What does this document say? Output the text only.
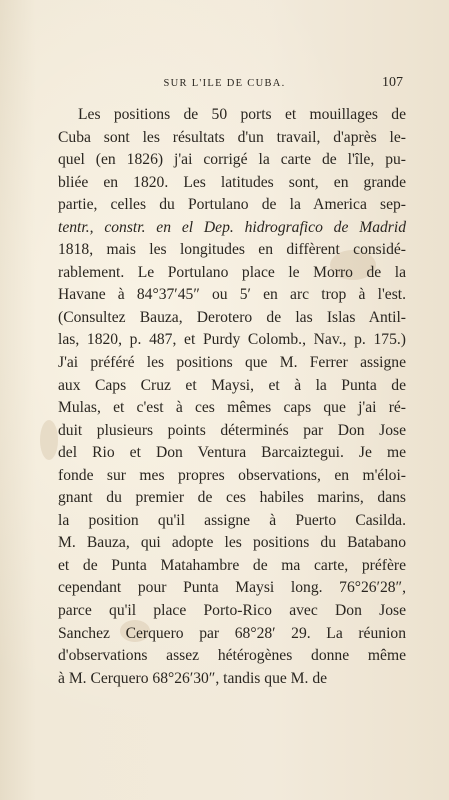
SUR L'ILE DE CUBA.	107
Les positions de 50 ports et mouillages de
Cuba sont les résultats d'un travail, d'après le-
quel (en 1826) j'ai corrigé la carte de l'île, pu-
bliée en 1820. Les latitudes sont, en grande
partie, celles du Portulano de la America sep-
tentr., constr. en el Dep. hidrografico de Madrid
1818, mais les longitudes en diffèrent considé-
rablement. Le Portulano place le Morro de la
Havane à 84°37′45″ ou 5′ en arc trop à l'est.
(Consultez Bauza, Derotero de las Islas Antil-
las, 1820, p. 487, et Purdy Colomb., Nav., p. 175.)
J'ai préféré les positions que M. Ferrer assigne
aux Caps Cruz et Maysi, et à la Punta de
Mulas, et c'est à ces mêmes caps que j'ai ré-
duit plusieurs points déterminés par Don Jose
del Rio et Don Ventura Barcaiztegui. Je me
fonde sur mes propres observations, en m'éloi-
gnant du premier de ces habiles marins, dans
la position qu'il assigne à Puerto Casilda.
M. Bauza, qui adopte les positions du Batabano
et de Punta Matahambre de ma carte, préfère
cependant pour Punta Maysi long. 76°26′28″,
parce qu'il place Porto-Rico avec Don Jose
Sanchez Cerquero par 68°28′ 29. La réunion
d'observations assez hétérogènes donne même
à M. Cerquero 68°26′30″, tandis que M. de
